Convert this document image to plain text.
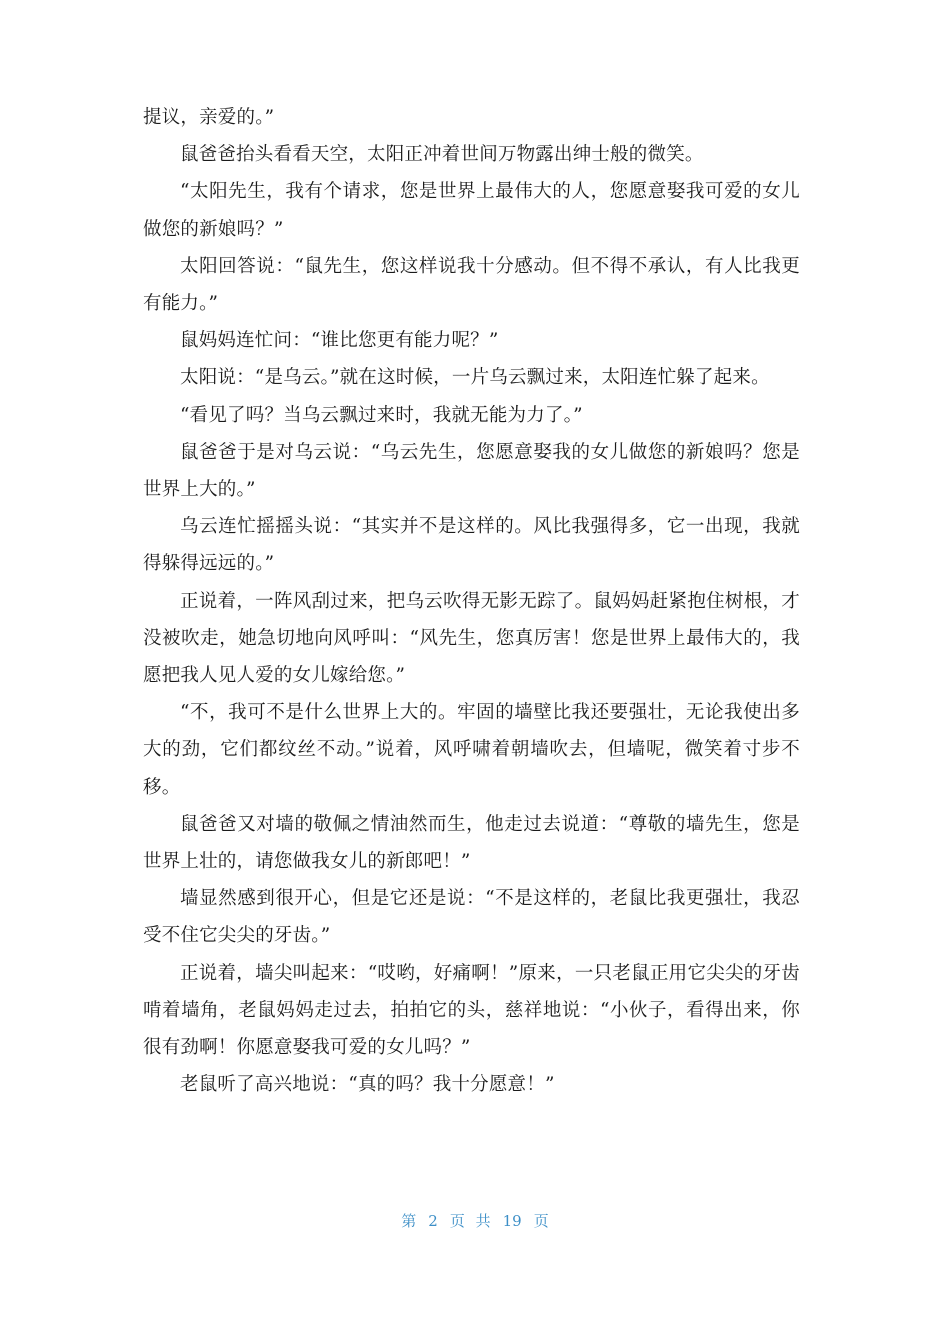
提议，亲爱的。”

鼠爸爸抬头看看天空，太阳正冲着世间万物露出绅士般的微笑。

“太阳先生，我有个请求，您是世界上最伟大的人，您愿意娶我可爱的女儿做您的新娘吗？”

太阳回答说：“鼠先生，您这样说我十分感动。但不得不承认，有人比我更有能力。”

鼠妈妈连忙问：“谁比您更有能力呢？”

太阳说：“是乌云。”就在这时候，一片乌云飘过来，太阳连忙躲了起来。

“看见了吗？当乌云飘过来时，我就无能为力了。”

鼠爸爸于是对乌云说：“乌云先生，您愿意娶我的女儿做您的新娘吗？您是世界上大的。”

乌云连忙摇摇头说：“其实并不是这样的。风比我强得多，它一出现，我就得躲得远远的。”

正说着，一阵风刮过来，把乌云吹得无影无踪了。鼠妈妈赶紧抱住树根，才没被吹走，她急切地向风呼叫：“风先生，您真厉害！您是世界上最伟大的，我愿把我人见人爱的女儿嫁给您。”

“不，我可不是什么世界上大的。牢固的墙壁比我还要强壮，无论我使出多大的劲，它们都纹丝不动。”说着，风呼啸着朝墙吹去，但墙呢，微笑着寸步不移。

鼠爸爸又对墙的敬佩之情油然而生，他走过去说道：“尊敬的墙先生，您是世界上壮的，请您做我女儿的新郎吧！”

墙显然感到很开心，但是它还是说：“不是这样的，老鼠比我更强壮，我忍受不住它尖尖的牙齿。”

正说着，墙尖叫起来：“哎哟，好痛啊！”原来，一只老鼠正用它尖尖的牙齿啃着墙角，老鼠妈妈走过去，拍拍它的头，慈祥地说：“小伙子，看得出来，你很有劲啊！你愿意娶我可爱的女儿吗？”

老鼠听了高兴地说：“真的吗？我十分愿意！”

第 2 页 共 19 页
